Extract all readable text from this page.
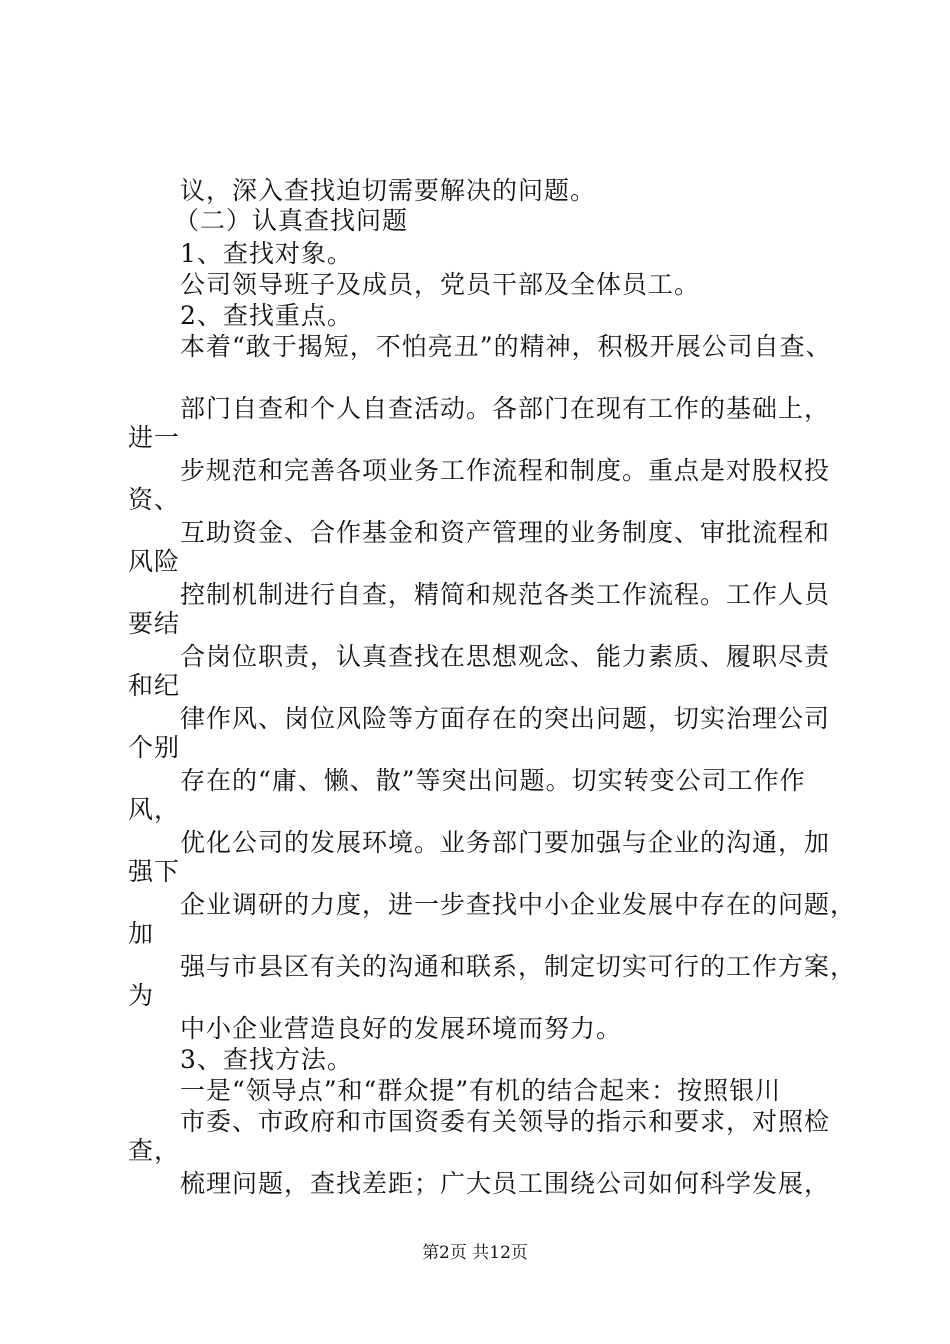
议，深入查找迫切需要解决的问题。
（二）认真查找问题
1、查找对象。
公司领导班子及成员，党员干部及全体员工。
2、查找重点。
本着“敢于揭短，不怕亮丑”的精神，积极开展公司自查、
部门自查和个人自查活动。各部门在现有工作的基础上，
进一
步规范和完善各项业务工作流程和制度。重点是对股权投
资、
互助资金、合作基金和资产管理的业务制度、审批流程和
风险
控制机制进行自查，精简和规范各类工作流程。工作人员
要结
合岗位职责，认真查找在思想观念、能力素质、履职尽责
和纪
律作风、岗位风险等方面存在的突出问题，切实治理公司
个别
存在的“庸、懒、散”等突出问题。切实转变公司工作作
风，
优化公司的发展环境。业务部门要加强与企业的沟通，加
强下
企业调研的力度，进一步查找中小企业发展中存在的问题，
加
强与市县区有关的沟通和联系，制定切实可行的工作方案，
为
中小企业营造良好的发展环境而努力。
3、查找方法。
一是“领导点”和“群众提”有机的结合起来：按照银川
市委、市政府和市国资委有关领导的指示和要求，对照检
查，
梳理问题，查找差距；广大员工围绕公司如何科学发展，
第2页 共12页
